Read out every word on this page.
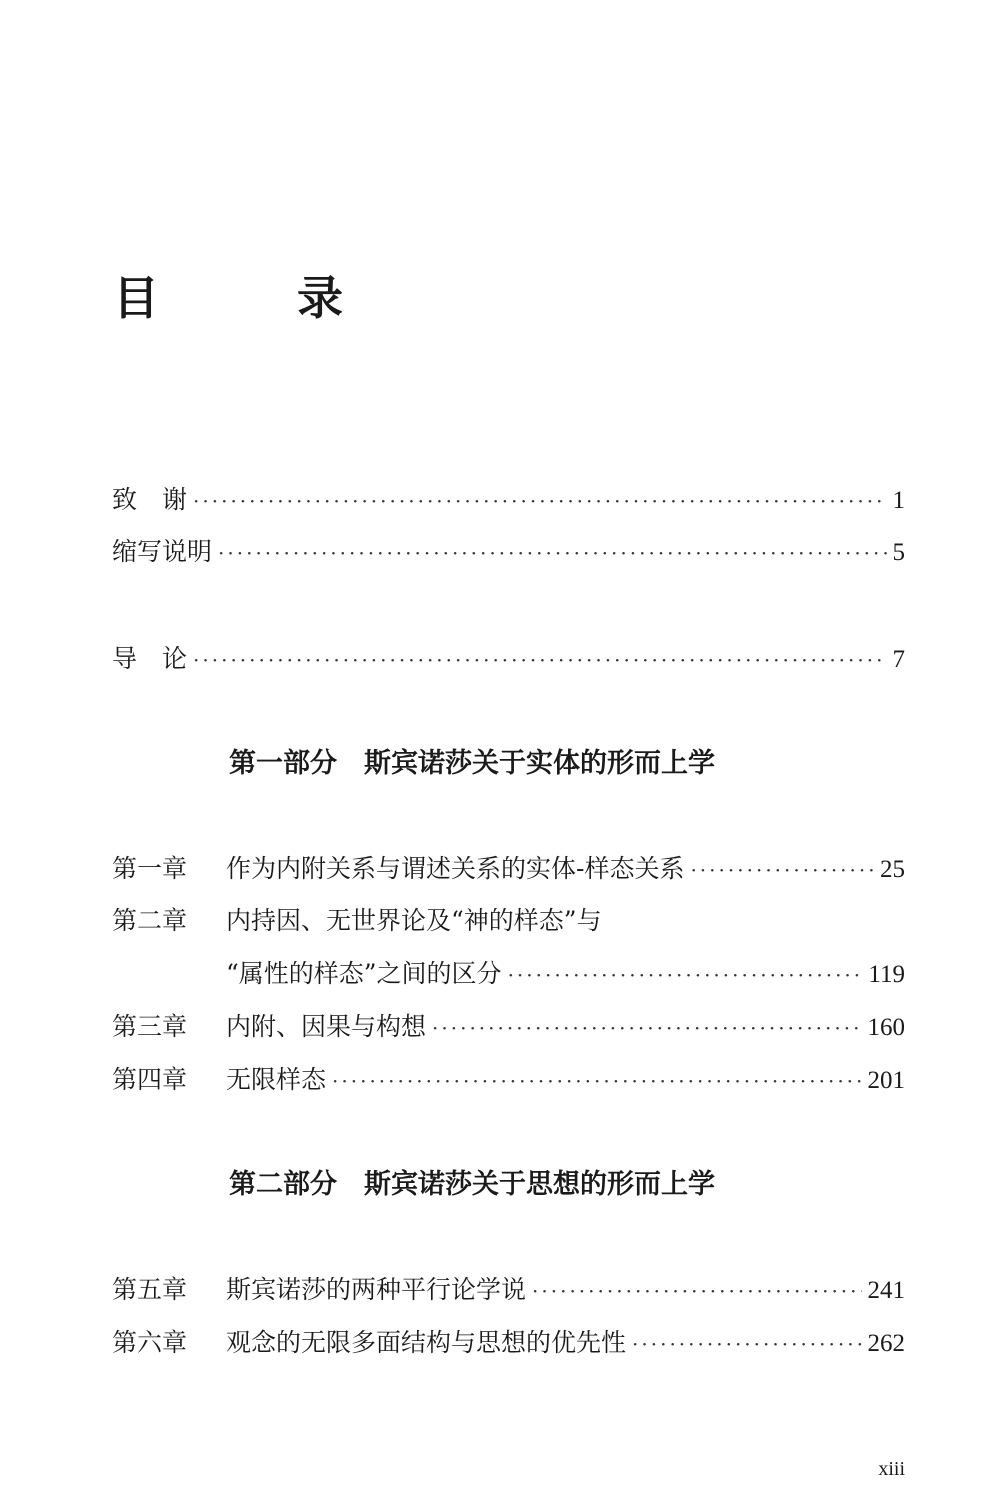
目　录
致　谢 ·····	1
缩写说明 ·····	5
导　论 ·····	7
第一部分　斯宾诺莎关于实体的形而上学
第一章	作为内附关系与谓述关系的实体-样态关系 ·····	25
第二章	内持因、无世界论及“神的样态”与
“属性的样态”之间的区分 ·····	119
第三章	内附、因果与构想 ·····	160
第四章	无限样态 ·····	201
第二部分　斯宾诺莎关于思想的形而上学
第五章	斯宾诺莎的两种平行论学说 ·····	241
第六章	观念的无限多面结构与思想的优先性 ·····	262
xiii
